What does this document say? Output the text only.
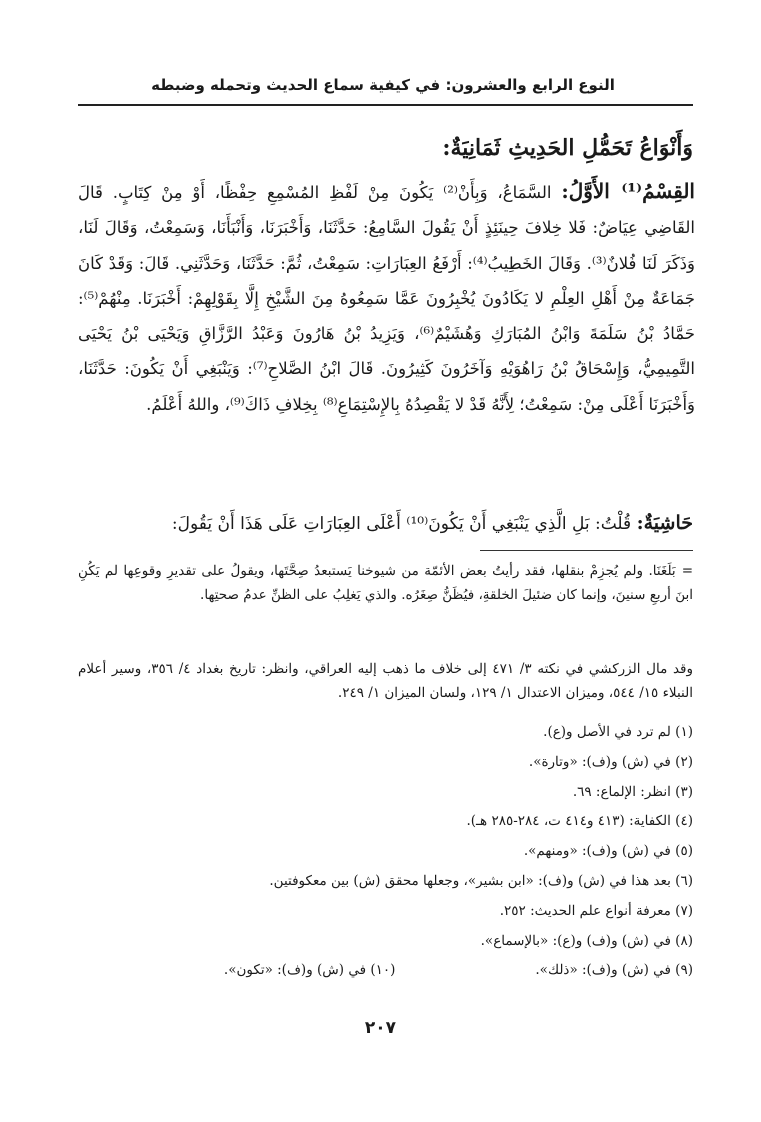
النوع الرابع والعشرون: في كيفية سماع الحديث وتحمله وضبطه
وَأَنْوَاعُ تَحَمُّلِ الحَدِيثِ ثَمَانِيَةٌ:
القِسْمُ⁽¹⁾ الأَوَّلُ: السَّمَاعُ، وَبِأَنْ⁽²⁾ يَكُونَ مِنْ لَفْظِ المُسْمِعِ حِفْظًا، أَوْ مِنْ كِتَابٍ. قَالَ القَاضِي عِيَاضٌ: فَلا خِلافَ حِينَئِذٍ أَنْ يَقُولَ السَّامِعُ: حَدَّثَنَا، وَأَخْبَرَنَا، وَأَنْبَأَنَا، وَسَمِعْتُ، وَقَالَ لَنَا، وَذَكَرَ لَنَا فُلانٌ⁽³⁾. وَقَالَ الخَطِيبُ⁽⁴⁾: أَرْفَعُ العِبَارَاتِ: سَمِعْتُ، ثُمَّ: حَدَّثَنَا، وَحَدَّثَنِي. قَالَ: وَقَدْ كَانَ جَمَاعَةٌ مِنْ أَهْلِ العِلْمِ لا يَكَادُونَ يُخْبِرُونَ عَمَّا سَمِعُوهُ مِنَ الشَّيْخِ إِلَّا بِقَوْلِهِمْ: أَخْبَرَنَا. مِنْهُمْ⁽⁵⁾: حَمَّادُ بْنُ سَلَمَةَ وَابْنُ المُبَارَكِ وَهُشَيْمٌ⁽⁶⁾، وَيَزِيدُ بْنُ هَارُونَ وَعَبْدُ الرَّزَّاقِ وَيَحْيَى بْنُ يَحْيَى التَّمِيمِيُّ، وَإِسْحَاقُ بْنُ رَاهُوَيْهِ وَآخَرُونَ كَثِيرُونَ. قَالَ ابْنُ الصَّلاحِ⁽⁷⁾: وَيَنْبَغِي أَنْ يَكُونَ: حَدَّثَنَا، وَأَخْبَرَنَا أَعْلَى مِنْ: سَمِعْتُ؛ لِأَنَّهُ قَدْ لا يَقْصِدُهُ بِالإِسْتِمَاعِ⁽⁸⁾ بِخِلافِ ذَاكَ⁽⁹⁾، واللهُ أَعْلَمُ.
حَاشِيَةٌ: قُلْتُ: بَلِ الَّذِي يَنْبَغِي أَنْ يَكُونَ⁽¹⁰⁾ أَعْلَى العِبَارَاتِ عَلَى هَذَا أَنْ يَقُولَ:
=بَلَغَنَا. ولم يُجزِمْ بنقلها، فقد رأيتُ بعض الأئمّة من شيوخنا يَستبعدُ صِحَّتَها، ويقولُ على تقديرِ وقوعِها لم يَكُنِ ابنَ أربعِ سنينَ، وإنما كان ضئيلَ الخلقةِ، فيُظَنُّ صِغَرُه. والذي يَغلِبُ على الظنِّ عدمُ صحتِها.
وقد مال الزركشي في نكته ٣/ ٤٧١ إلى خلاف ما ذهب إليه العراقي، وانظر: تاريخ بغداد ٤/ ٣٥٦، وسير أعلام النبلاء ١٥/ ٥٤٤، وميزان الاعتدال ١/ ١٢٩، ولسان الميزان ١/ ٢٤٩.
(١) لم ترد في الأصل و(ع).
(٢) في (ش) و(ف): «وتارة».
(٣) انظر: الإلماع: ٦٩.
(٤) الكفاية: (٤١٣ و٤١٤ ت، ٢٨٤-٢٨٥ هـ).
(٥) في (ش) و(ف): «ومنهم».
(٦) بعد هذا في (ش) و(ف): «ابن بشير»، وجعلها محقق (ش) بين معكوفتين.
(٧) معرفة أنواع علم الحديث: ٢٥٢.
(٨) في (ش) و(ف) و(ع): «بالإسماع».
(٩) في (ش) و(ف): «ذلك».(١٠) في (ش) و(ف): «تكون».
٢٠٧
